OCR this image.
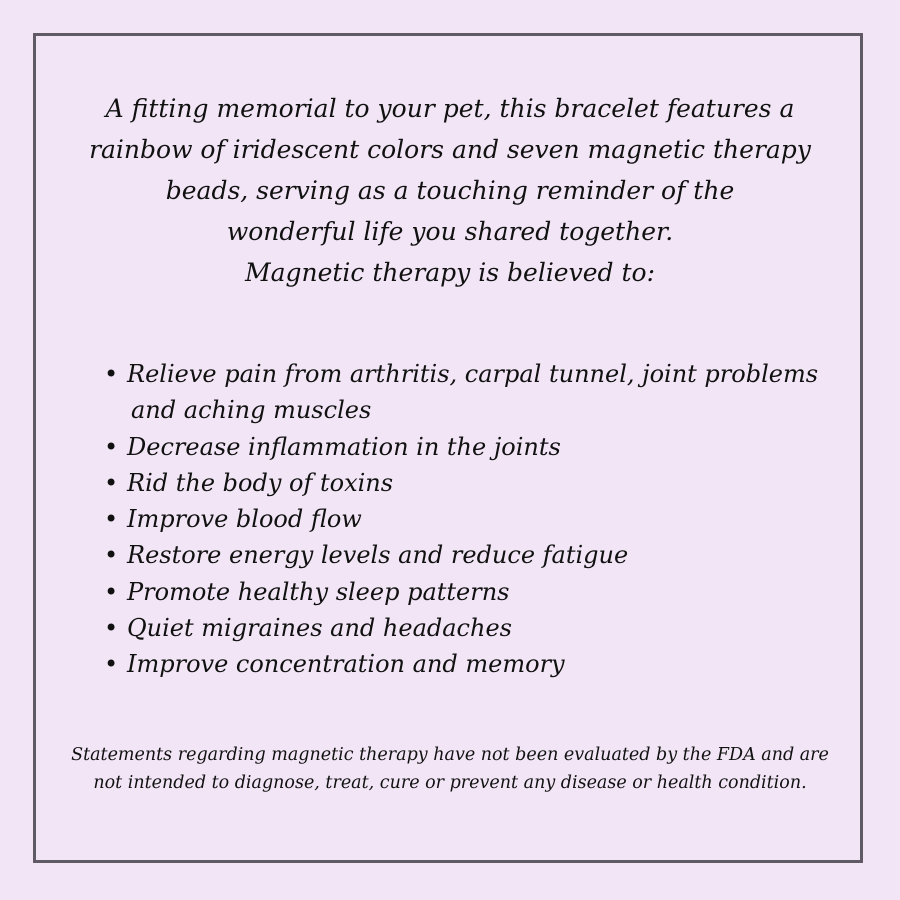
A fitting memorial to your pet, this bracelet features a
rainbow of iridescent colors and seven magnetic therapy
beads, serving as a touching reminder of the
wonderful life you shared together.
Magnetic therapy is believed to:

• Relieve pain from arthritis, carpal tunnel, joint problems
and aching muscles
• Decrease inflammation in the joints
• Rid the body of toxins
• Improve blood flow
• Restore energy levels and reduce fatigue
• Promote healthy sleep patterns
• Quiet migraines and headaches
• Improve concentration and memory

Statements regarding magnetic therapy have not been evaluated by the FDA and are
not intended to diagnose, treat, cure or prevent any disease or health condition.
